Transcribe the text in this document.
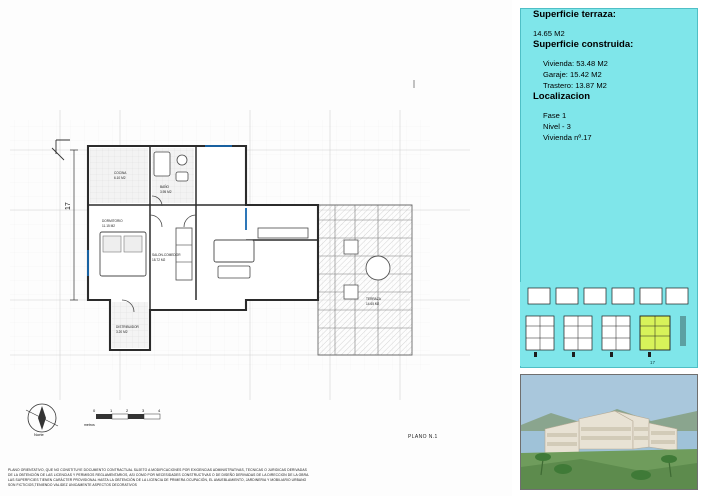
SALON-COMEDOR
18.72 M2
DORMITORIO
11.15 M2
COCINA
6.10 M2
BAÑO
3.95 M2
DISTRIBUIDOR
3.20 M2
TERRAZA
14.65 M2
17
Norte
0	1	2	3	4
metros
PLANO N.1
PLANO ORIENTATIVO, QUE NO CONSTITUYE DOCUMENTO CONTRACTUAL SUJETO A MODIFICACIONES POR EXIGENCIAS ADMINISTRATIVAS, TECNICAS O JURIDICAS DERIVADAS
DE LA OBTENCIÓN DE LAS LICENCIAS Y PERMISOS REGLAMENTARIOS, ASI COMO POR NECESIDADES CONSTRUCTIVAS O DE DISEÑO DERIVADAS DE LA DIRECCION DE LA OBRA.
LAS SUPERFICIES TIENEN CARÁCTER PROVISIONAL HASTA LA OBTENCIÓN DE LA LICENCIA DE PRIMERA OCUPACIÓN, EL AMUEBLAMIENTO, JARDINERIA Y MOBILIARIO URBANO
SON FICTICIOS,TENIENDO VALIDEZ UNICAMENTE ASPECTOS DECORATIVOS
Superficie terraza:
14.65 M2
Superficie construida:
Vivienda: 53.48 M2
Garaje: 15.42 M2
Trastero: 13.87 M2
Localizacion
Fase 1
Nivel - 3
Vivienda nº.17
17
